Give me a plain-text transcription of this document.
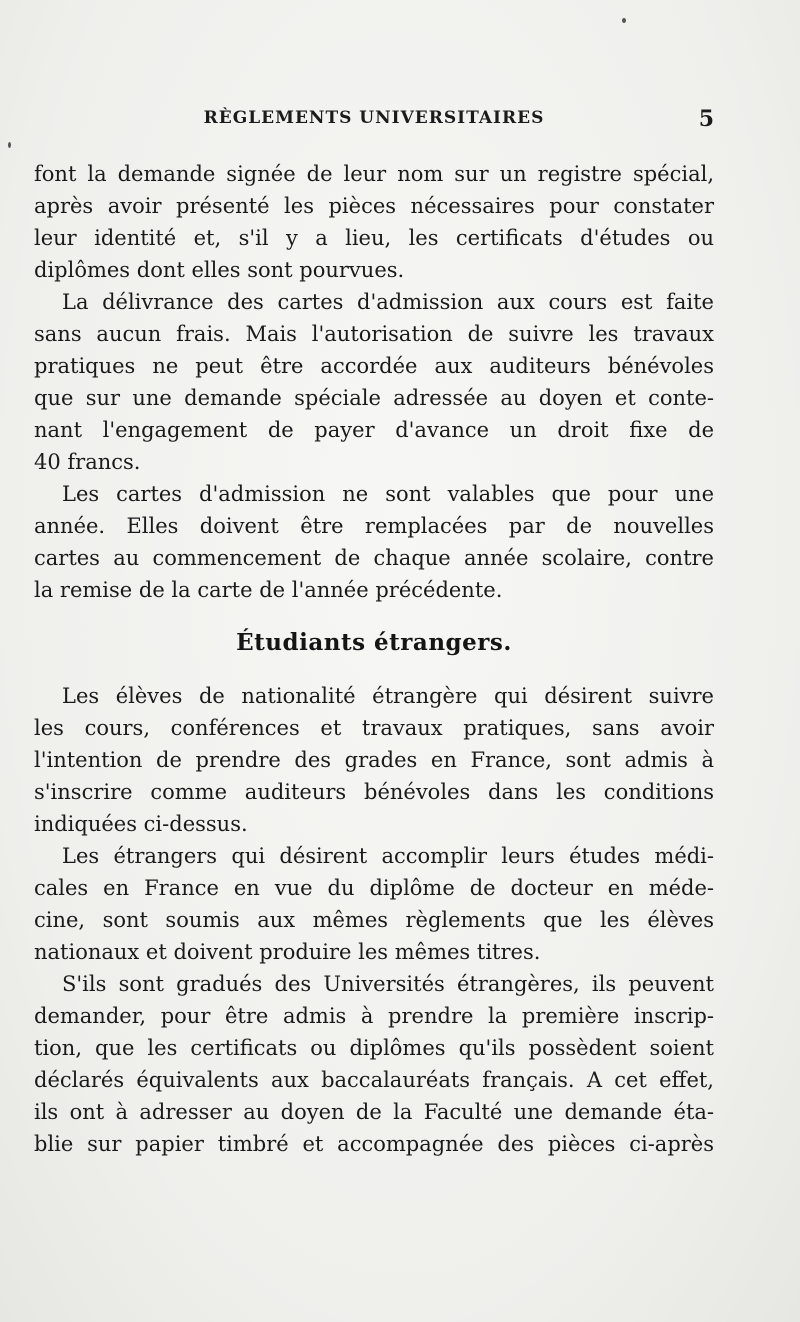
RÈGLEMENTS UNIVERSITAIRES	5
font la demande signée de leur nom sur un registre spécial,
après avoir présenté les pièces nécessaires pour constater
leur identité et, s'il y a lieu, les certificats d'études ou
diplômes dont elles sont pourvues.
La délivrance des cartes d'admission aux cours est faite
sans aucun frais. Mais l'autorisation de suivre les travaux
pratiques ne peut être accordée aux auditeurs bénévoles
que sur une demande spéciale adressée au doyen et conte-
nant l'engagement de payer d'avance un droit fixe de
40 francs.
Les cartes d'admission ne sont valables que pour une
année. Elles doivent être remplacées par de nouvelles
cartes au commencement de chaque année scolaire, contre
la remise de la carte de l'année précédente.
Étudiants étrangers.
Les élèves de nationalité étrangère qui désirent suivre
les cours, conférences et travaux pratiques, sans avoir
l'intention de prendre des grades en France, sont admis à
s'inscrire comme auditeurs bénévoles dans les conditions
indiquées ci-dessus.
Les étrangers qui désirent accomplir leurs études médi-
cales en France en vue du diplôme de docteur en méde-
cine, sont soumis aux mêmes règlements que les élèves
nationaux et doivent produire les mêmes titres.
S'ils sont gradués des Universités étrangères, ils peuvent
demander, pour être admis à prendre la première inscrip-
tion, que les certificats ou diplômes qu'ils possèdent soient
déclarés équivalents aux baccalauréats français. A cet effet,
ils ont à adresser au doyen de la Faculté une demande éta-
blie sur papier timbré et accompagnée des pièces ci-après
